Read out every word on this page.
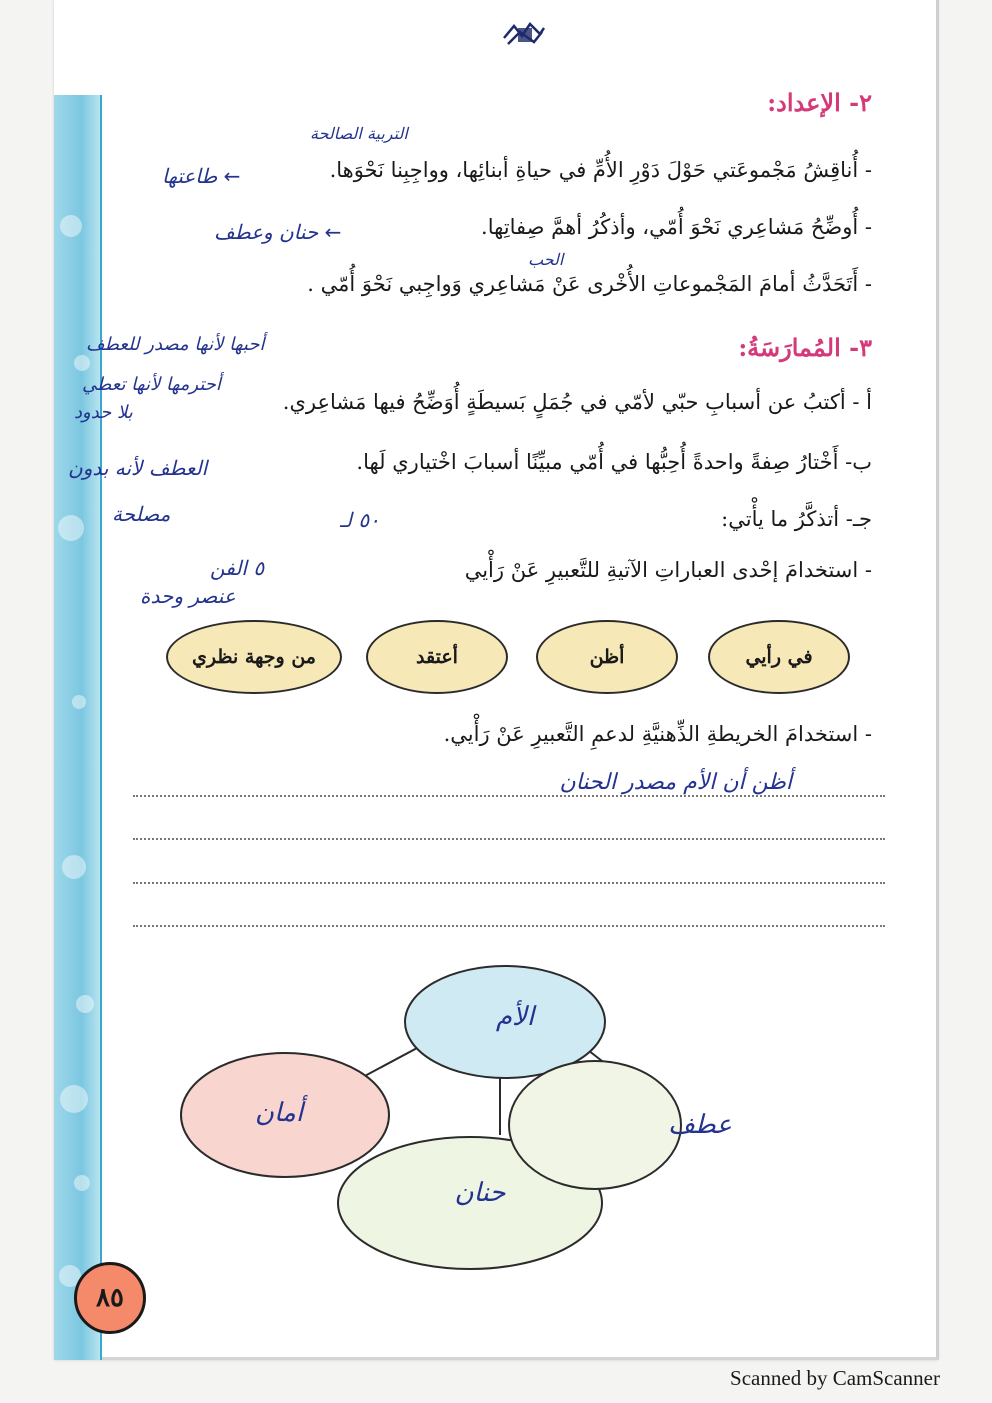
٢- الإعداد:
التربية الصالحة
- أُناقِشُ مَجْموعَتي حَوْلَ دَوْرِ الأُمِّ في حياةِ أبنائِها، وواجِبِنا نَحْوَها.
← طاعتها
- أُوضِّحُ مَشاعِري نَحْوَ أُمّي، وأذكُرُ أهمَّ صِفاتِها.
← حنان وعطف
الحب
- أَتَحَدَّثُ أمامَ المَجْموعاتِ الأُخْرى عَنْ مَشاعِري وَواجِبي نَحْوَ أُمّي .
٣- المُمارَسَةُ:
أحبها لأنها مصدر للعطف
أحترمها لأنها تعطي
بلا حدود	أ - أكتبُ عن أسبابِ حبّي لأمّي في جُمَلٍ بَسيطَةٍ أُوَضِّحُ فيها مَشاعِري.
ب- أَخْتارُ صِفةً واحدةً أُحِبُّها في أُمّي مبيِّنًا أسبابَ اخْتياري لَها.
العطف لأنه بدون
مصلحة	جـ- أتذكَّرُ ما يأْتي:
٥٠ لـ
- استخدامَ إحْدى العباراتِ الآتيةِ للتَّعبيرِ عَنْ رَأْيي
٥ الفن
عنصر وحدة
في رأيي
أظن
أعتقد
من وجهة نظري
- استخدامَ الخريطةِ الذِّهنيَّةِ لدعمِ التَّعبيرِ عَنْ رَأْيي.
أظن أن الأم مصدر الحنان
الأم
أمان
حنان
عطف
٨٥
Scanned by CamScanner
